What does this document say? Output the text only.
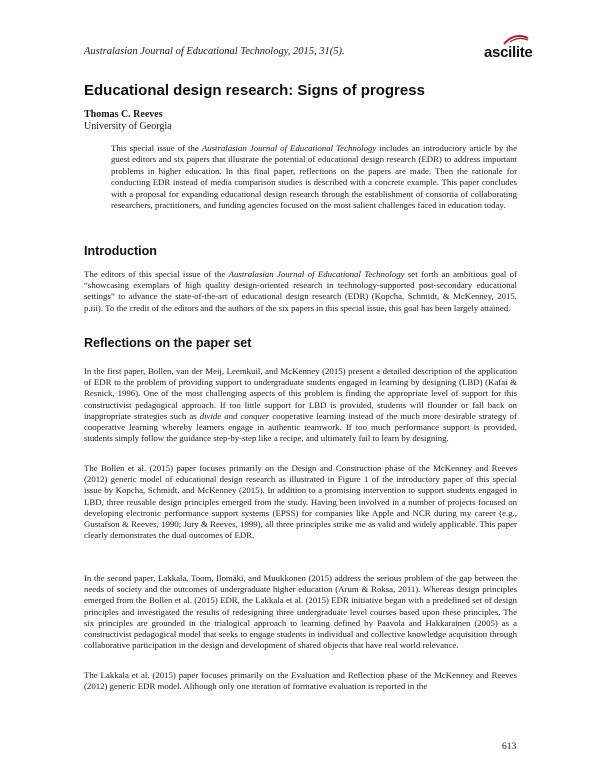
Australasian Journal of Educational Technology, 2015, 31(5).	ascilite
Educational design research: Signs of progress
Thomas C. Reeves
University of Georgia

This special issue of the Australasian Journal of Educational Technology includes an introductory article by the guest editors and six papers that illustrate the potential of educational design research (EDR) to address important problems in higher education. In this final paper, reflections on the papers are made. Then the rationale for conducting EDR instead of media comparison studies is described with a concrete example. This paper concludes with a proposal for expanding educational design research through the establishment of consortia of collaborating researchers, practitioners, and funding agencies focused on the most salient challenges faced in education today.

Introduction

The editors of this special issue of the Australasian Journal of Educational Technology set forth an ambitious goal of “showcasing exemplars of high quality design-oriented research in technology-supported post-secondary educational settings” to advance the state-of-the-art of educational design research (EDR) (Kopcha, Schmidt, & McKenney, 2015, p.iii). To the credit of the editors and the authors of the six papers in this special issue, this goal has been largely attained.

Reflections on the paper set

In the first paper, Bollen, van der Meij, Leemkuil, and McKenney (2015) present a detailed description of the application of EDR to the problem of providing support to undergraduate students engaged in learning by designing (LBD) (Kafai & Resnick, 1996). One of the most challenging aspects of this problem is finding the appropriate level of support for this constructivist pedagogical approach. If too little support for LBD is provided, students will flounder or fall back on inappropriate strategies such as divide and conquer cooperative learning instead of the much more desirable strategy of cooperative learning whereby learners engage in authentic teamwork. If too much performance support is provided, students simply follow the guidance step-by-step like a recipe, and ultimately fail to learn by designing.

The Bollen et al. (2015) paper focuses primarily on the Design and Construction phase of the McKenney and Reeves (2012) generic model of educational design research as illustrated in Figure 1 of the introductory paper of this special issue by Kopcha, Schmidt, and McKenney (2015). In addition to a promising intervention to support students engaged in LBD, three reusable design principles emerged from the study. Having been involved in a number of projects focused on developing electronic performance support systems (EPSS) for companies like Apple and NCR during my career (e.g., Gustafson & Reeves, 1990; Jury & Reeves, 1999), all three principles strike me as valid and widely applicable. This paper clearly demonstrates the dual outcomes of EDR.

In the second paper, Lakkala, Toom, Ilomäki, and Muukkonen (2015) address the serious problem of the gap between the needs of society and the outcomes of undergraduate higher education (Arum & Roksa, 2011). Whereas design principles emerged from the Bollen et al. (2015) EDR, the Lakkala et al. (2015) EDR initiative began with a predefined set of design principles and investigated the results of redesigning three undergraduate level courses based upon these principles. The six principles are grounded in the trialogical approach to learning defined by Paavola and Hakkarainen (2005) as a constructivist pedagogical model that seeks to engage students in individual and collective knowledge acquisition through collaborative participation in the design and development of shared objects that have real world relevance.

The Lakkala et al. (2015) paper focuses primarily on the Evaluation and Reflection phase of the McKenney and Reeves (2012) generic EDR model. Although only one iteration of formative evaluation is reported in the

613
